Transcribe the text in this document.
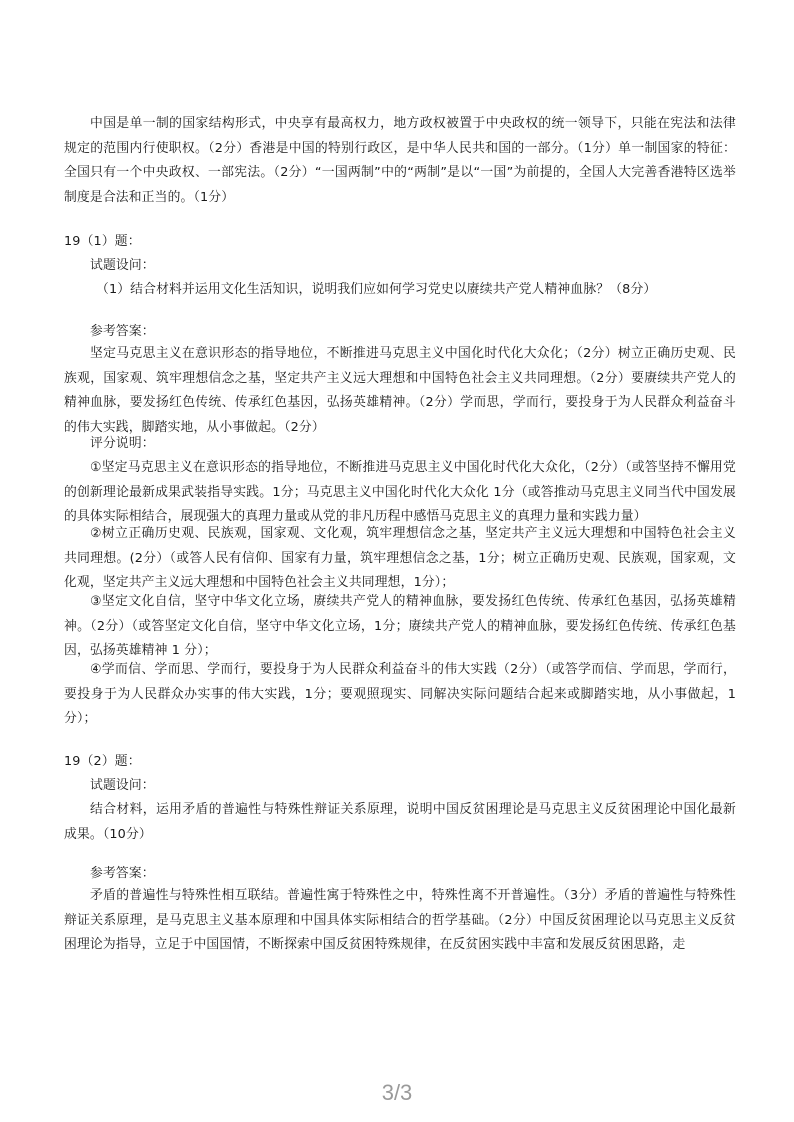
中国是单一制的国家结构形式，中央享有最高权力，地方政权被置于中央政权的统一领导下，只能在宪法和法律规定的范围内行使职权。（2分）香港是中国的特别行政区，是中华人民共和国的一部分。（1分）单一制国家的特征：全国只有一个中央政权、一部宪法。（2分）“一国两制”中的“两制”是以“一国”为前提的，全国人大完善香港特区选举制度是合法和正当的。（1分）

19（1）题：

试题设问：

（1）结合材料并运用文化生活知识，说明我们应如何学习党史以赓续共产党人精神血脉？（8分）

参考答案：

坚定马克思主义在意识形态的指导地位，不断推进马克思主义中国化时代化大众化；（2分）树立正确历史观、民族观，国家观、筑牢理想信念之基，坚定共产主义远大理想和中国特色社会主义共同理想。（2分）要赓续共产党人的精神血脉，要发扬红色传统、传承红色基因，弘扬英雄精神。（2分）学而思，学而行，要投身于为人民群众利益奋斗的伟大实践，脚踏实地，从小事做起。（2分）

评分说明：

①坚定马克思主义在意识形态的指导地位，不断推进马克思主义中国化时代化大众化，（2分）（或答坚持不懈用党的创新理论最新成果武装指导实践。1分；马克思主义中国化时代化大众化 1分（或答推动马克思主义同当代中国发展的具体实际相结合，展现强大的真理力量或从党的非凡历程中感悟马克思主义的真理力量和实践力量）

②树立正确历史观、民族观，国家观、文化观，筑牢理想信念之基，坚定共产主义远大理想和中国特色社会主义共同理想。(2分）（或答人民有信仰、国家有力量，筑牢理想信念之基，1分；树立正确历史观、民族观，国家观，文化观，坚定共产主义远大理想和中国特色社会主义共同理想，1分）；

③坚定文化自信，坚守中华文化立场，赓续共产党人的精神血脉，要发扬红色传统、传承红色基因，弘扬英雄精神。（2分）（或答坚定文化自信，坚守中华文化立场，1分；赓续共产党人的精神血脉，要发扬红色传统、传承红色基因，弘扬英雄精神 1 分）；

④学而信、学而思、学而行，要投身于为人民群众利益奋斗的伟大实践（2分）（或答学而信、学而思，学而行，要投身于为人民群众办实事的伟大实践，1分；要观照现实、同解决实际问题结合起来或脚踏实地，从小事做起，1分）；

19（2）题：

试题设问：

结合材料，运用矛盾的普遍性与特殊性辩证关系原理，说明中国反贫困理论是马克思主义反贫困理论中国化最新成果。（10分）

参考答案：

矛盾的普遍性与特殊性相互联结。普遍性寓于特殊性之中，特殊性离不开普遍性。（3分）矛盾的普遍性与特殊性辩证关系原理，是马克思主义基本原理和中国具体实际相结合的哲学基础。（2分）中国反贫困理论以马克思主义反贫困理论为指导，立足于中国国情，不断探索中国反贫困特殊规律，在反贫困实践中丰富和发展反贫困思路，走

3/3
